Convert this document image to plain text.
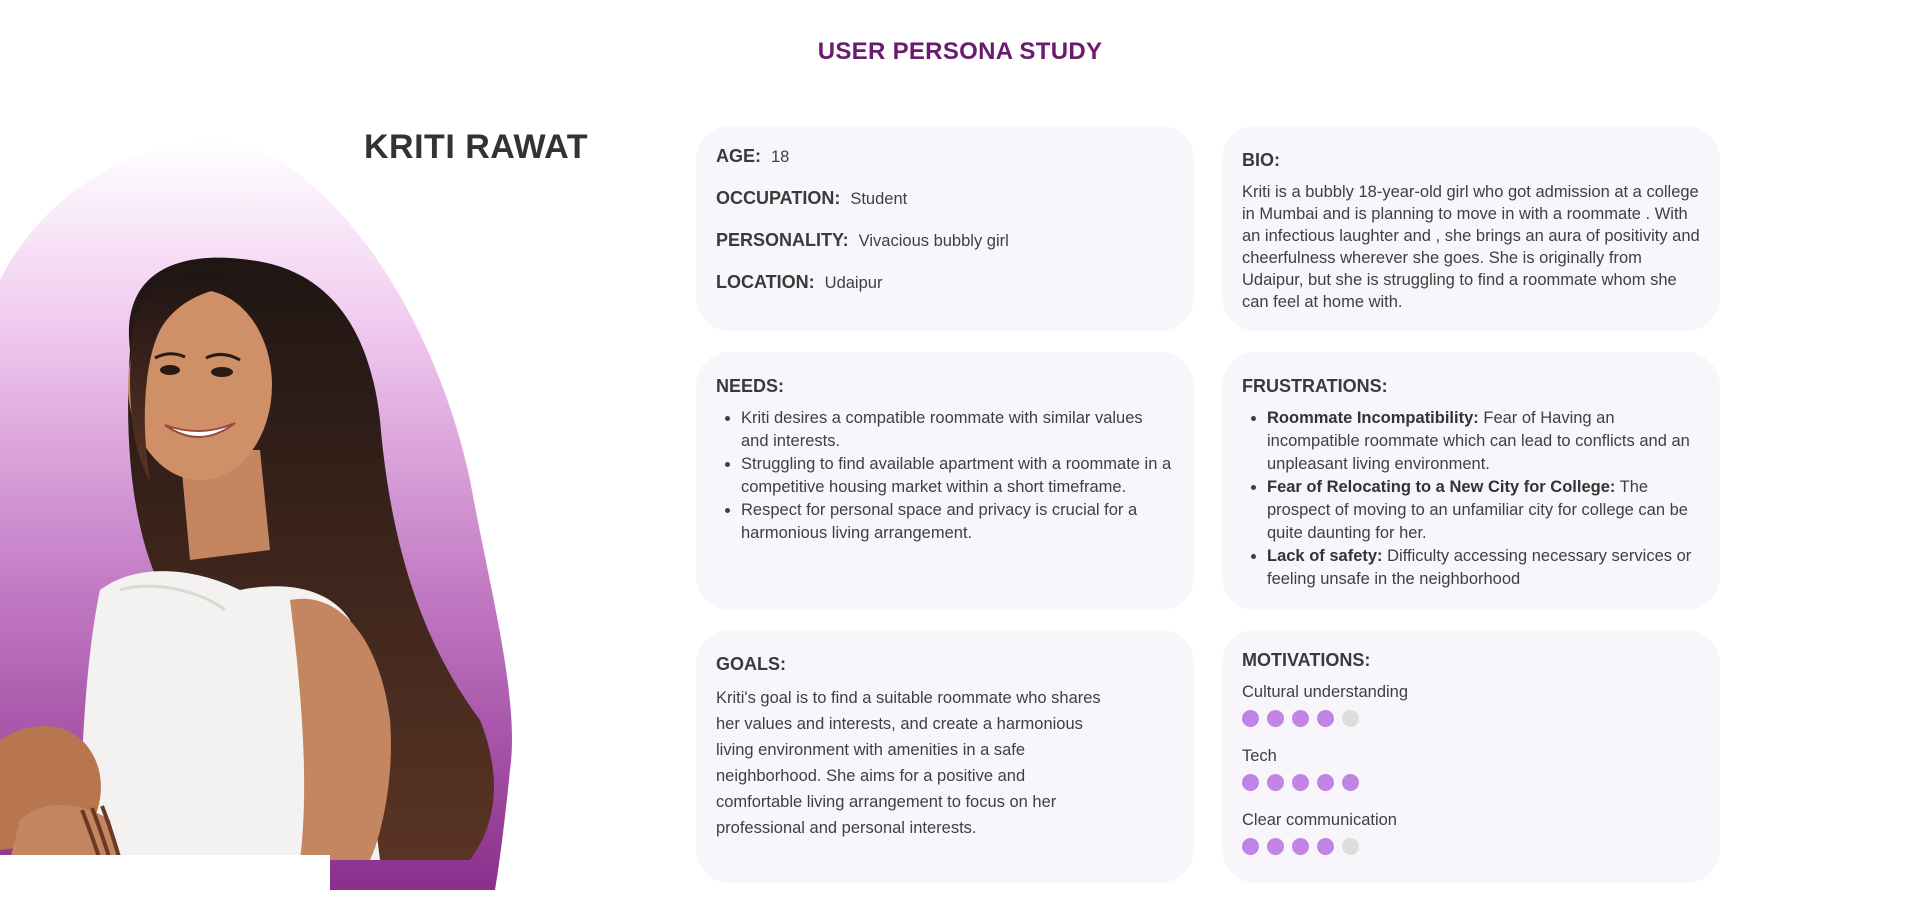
USER PERSONA STUDY
KRITI RAWAT	AGE: 18
OCCUPATION: Student
PERSONALITY: Vivacious bubbly girl
LOCATION: Udaipur
BIO:

Kriti is a bubbly 18-year-old girl who got admission at a college in Mumbai and is planning to move in with a roommate . With an infectious laughter and , she brings an aura of positivity and cheerfulness wherever she goes. She is originally from Udaipur, but she is struggling to find a roommate whom she can feel at home with.

NEEDS:
• Kriti desires a compatible roommate with similar values and interests.
• Struggling to find available apartment with a roommate in a competitive housing market within a short timeframe.
• Respect for personal space and privacy is crucial for a harmonious living arrangement.
FRUSTRATIONS:
• Roommate Incompatibility: Fear of Having an incompatible roommate which can lead to conflicts and an unpleasant living environment.
• Fear of Relocating to a New City for College: The prospect of moving to an unfamiliar city for college can be quite daunting for her.
• Lack of safety: Difficulty accessing necessary services or feeling unsafe in the neighborhood
GOALS:

Kriti's goal is to find a suitable roommate who shares her values and interests, and create a harmonious living environment with amenities in a safe neighborhood. She aims for a positive and comfortable living arrangement to focus on her professional and personal interests.

MOTIVATIONS:
Cultural understanding
Tech
Clear communication
